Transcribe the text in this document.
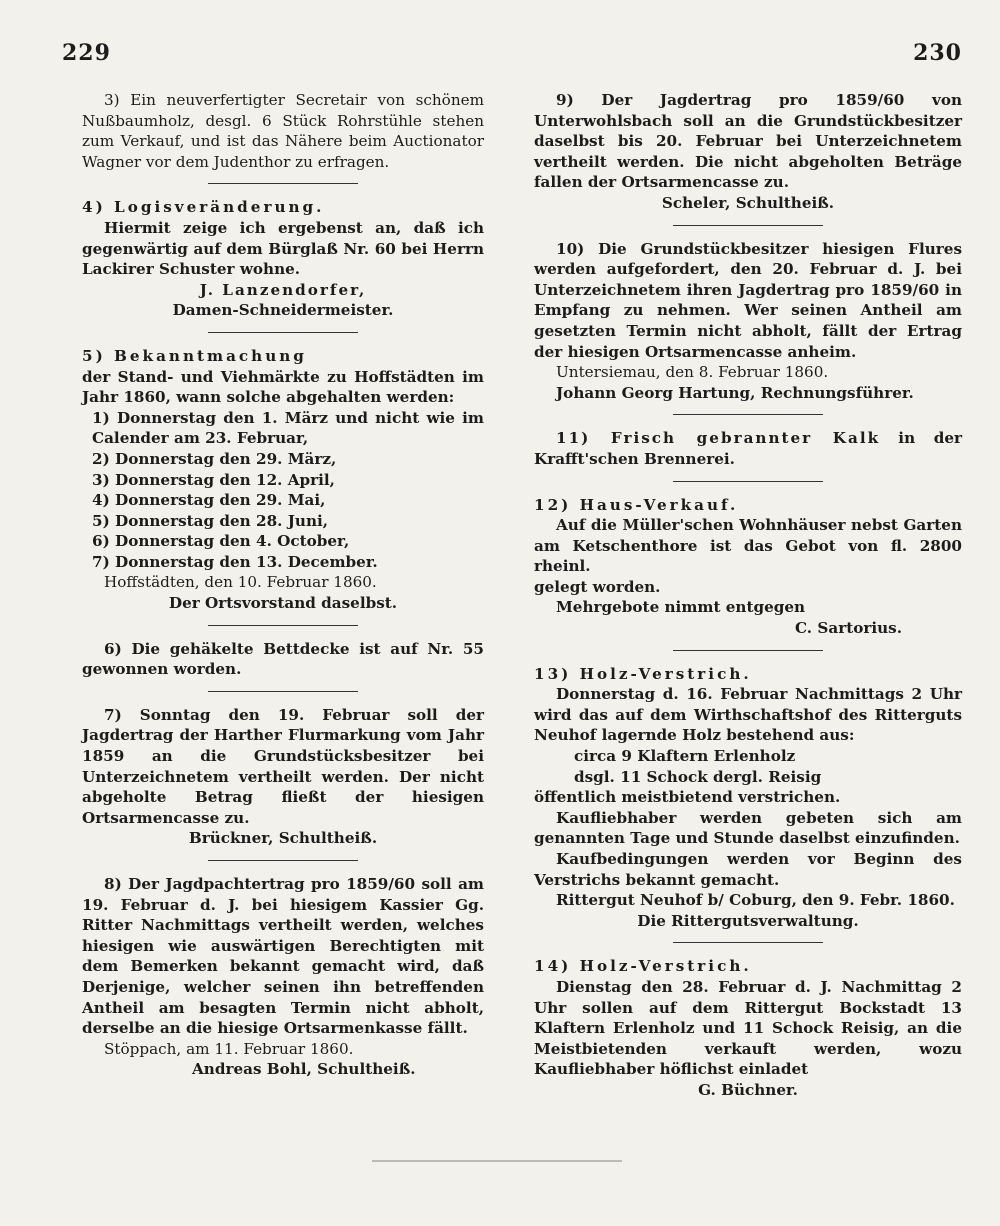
229	230

3) Ein neuverfertigter Secretair von schönem Nußbaumholz, desgl. 6 Stück Rohrstühle stehen zum Verkauf, und ist das Nähere beim Auctionator Wagner vor dem Judenthor zu erfragen.

4) Logisveränderung.

Hiermit zeige ich ergebenst an, daß ich gegenwärtig auf dem Bürglaß Nr. 60 bei Herrn Lackirer Schuster wohne.

J. Lanzendorfer,

Damen-Schneidermeister.

5) Bekanntmachung

der Stand- und Viehmärkte zu Hoffstädten im Jahr 1860, wann solche abgehalten werden:

1) Donnerstag den 1. März und nicht wie im Calender am 23. Februar,

2) Donnerstag den 29. März,

3) Donnerstag den 12. April,

4) Donnerstag den 29. Mai,

5) Donnerstag den 28. Juni,

6) Donnerstag den 4. October,

7) Donnerstag den 13. December.

Hoffstädten, den 10. Februar 1860.

Der Ortsvorstand daselbst.

6) Die gehäkelte Bettdecke ist auf Nr. 55 gewonnen worden.

7) Sonntag den 19. Februar soll der Jagdertrag der Harther Flurmarkung vom Jahr 1859 an die Grundstücksbesitzer bei Unterzeichnetem vertheilt werden. Der nicht abgeholte Betrag fließt der hiesigen Ortsarmencasse zu.

Brückner, Schultheiß.

8) Der Jagdpachtertrag pro 1859/60 soll am 19. Februar d. J. bei hiesigem Kassier Gg. Ritter Nachmittags vertheilt werden, welches hiesigen wie auswärtigen Berechtigten mit dem Bemerken bekannt gemacht wird, daß Derjenige, welcher seinen ihn betreffenden Antheil am besagten Termin nicht abholt, derselbe an die hiesige Ortsarmenkasse fällt.

Stöppach, am 11. Februar 1860.

Andreas Bohl, Schultheiß.

9) Der Jagdertrag pro 1859/60 von Unterwohlsbach soll an die Grundstückbesitzer daselbst bis 20. Februar bei Unterzeichnetem vertheilt werden. Die nicht abgeholten Beträge fallen der Ortsarmencasse zu.

Scheler, Schultheiß.

10) Die Grundstückbesitzer hiesigen Flures werden aufgefordert, den 20. Februar d. J. bei Unterzeichnetem ihren Jagdertrag pro 1859/60 in Empfang zu nehmen. Wer seinen Antheil am gesetzten Termin nicht abholt, fällt der Ertrag der hiesigen Ortsarmencasse anheim.

Untersiemau, den 8. Februar 1860.

Johann Georg Hartung, Rechnungsführer.

11) Frisch gebrannter Kalk in der Krafft'schen Brennerei.

12) Haus-Verkauf.

Auf die Müller'schen Wohnhäuser nebst Garten am Ketschenthore ist das Gebot von fl. 2800 rheinl.

gelegt worden.

Mehrgebote nimmt entgegen

C. Sartorius.

13) Holz-Verstrich.

Donnerstag d. 16. Februar Nachmittags 2 Uhr wird das auf dem Wirthschaftshof des Ritterguts Neuhof lagernde Holz bestehend aus:

circa 9 Klaftern Erlenholz

dsgl. 11 Schock dergl. Reisig

öffentlich meistbietend verstrichen.

Kaufliebhaber werden gebeten sich am genannten Tage und Stunde daselbst einzufinden.

Kaufbedingungen werden vor Beginn des Verstrichs bekannt gemacht.

Rittergut Neuhof b/ Coburg, den 9. Febr. 1860.

Die Rittergutsverwaltung.

14) Holz-Verstrich.

Dienstag den 28. Februar d. J. Nachmittag 2 Uhr sollen auf dem Rittergut Bockstadt 13 Klaftern Erlenholz und 11 Schock Reisig, an die Meistbietenden verkauft werden, wozu Kaufliebhaber höflichst einladet

G. Büchner.
